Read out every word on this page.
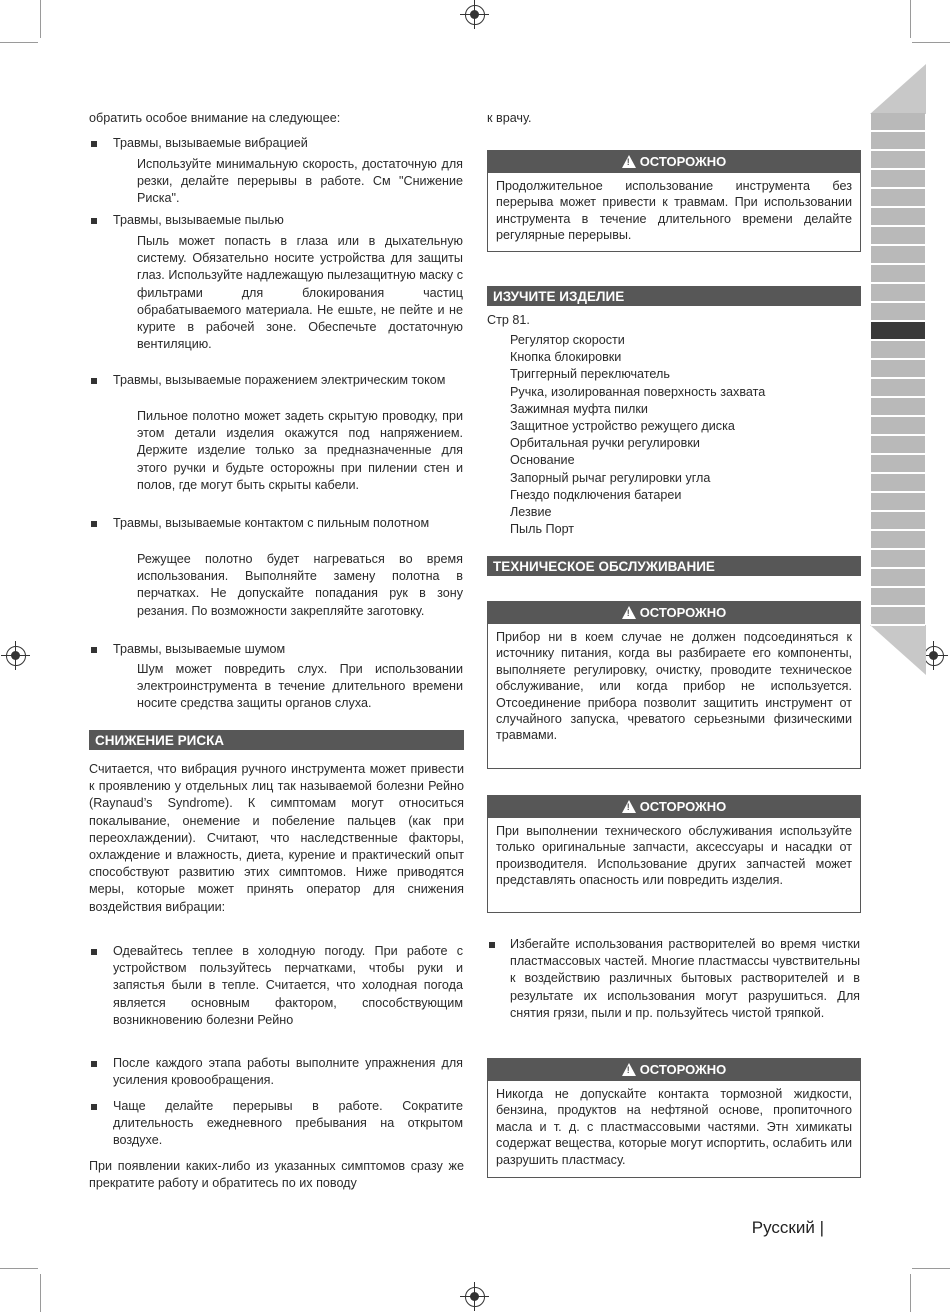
обратить особое внимание на следующее:
Травмы, вызываемые вибрацией
Используйте минимальную скорость, достаточную для резки, делайте перерывы в работе. См "Снижение Риска".
Травмы, вызываемые пылью
Пыль может попасть в глаза или в дыхательную систему. Обязательно носите устройства для защиты глаз. Используйте надлежащую пылезащитную маску с фильтрами для блокирования частиц обрабатываемого материала. Не ешьте, не пейте и не курите в рабочей зоне. Обеспечьте достаточную вентиляцию.
Травмы, вызываемые поражением электрическим током
Пильное полотно может задеть скрытую проводку, при этом детали изделия окажутся под напряжением. Держите изделие только за предназначенные для этого ручки и будьте осторожны при пилении стен и полов, где могут быть скрыты кабели.
Травмы, вызываемые контактом с пильным полотном
Режущее полотно будет нагреваться во время использования. Выполняйте замену полотна в перчатках. Не допускайте попадания рук в зону резания. По возможности закрепляйте заготовку.
Травмы, вызываемые шумом
Шум может повредить слух. При использовании электроинструмента в течение длительного времени носите средства защиты органов слуха.
СНИЖЕНИЕ РИСКА
Считается, что вибрация ручного инструмента может привести к проявлению у отдельных лиц так называемой болезни Рейно (Raynaud’s Syndrome). К симптомам могут относиться покалывание, онемение и побеление пальцев (как при переохлаждении). Считают, что наследственные факторы, охлаждение и влажность, диета, курение и практический опыт способствуют развитию этих симптомов. Ниже приводятся меры, которые может принять оператор для снижения воздействия вибрации:
Одевайтесь теплее в холодную погоду. При работе с устройством пользуйтесь перчатками, чтобы руки и запястья были в тепле. Считается, что холодная погода является основным фактором, способствующим возникновению болезни Рейно
После каждого этапа работы выполните упражнения для усиления кровообращения.
Чаще делайте перерывы в работе. Сократите длительность ежедневного пребывания на открытом воздухе.
При появлении каких-либо из указанных симптомов сразу же прекратите работу и обратитесь по их поводу
к врачу.
!ОСТОРОЖНО
Продолжительное использование инструмента без перерыва может привести к травмам. При использовании инструмента в течение длительного времени делайте регулярные перерывы.
ИЗУЧИТЕ ИЗДЕЛИЕ
Стр 81.
Регулятор скорости
Кнопка блокировки
Триггерный переключатель
Ручка, изолированная поверхность захвата
Зажимная муфта пилки
Защитное устройство режущего диска
Орбитальная ручки регулировки
Основание
Запорный рычаг регулировки угла
Гнездо подключения батареи
Лезвие
Пыль Порт
ТЕХНИЧЕСКОЕ ОБСЛУЖИВАНИЕ
!ОСТОРОЖНО
Прибор ни в коем случае не должен подсоединяться к источнику питания, когда вы разбираете его компоненты, выполняете регулировку, очистку, проводите техническое обслуживание, или когда прибор не используется. Отсоединение прибора позволит защитить инструмент от случайного запуска, чреватого серьезными физическими травмами.
!ОСТОРОЖНО
При выполнении технического обслуживания используйте только оригинальные запчасти, аксессуары и насадки от производителя. Использование других запчастей может представлять опасность или повредить изделия.
Избегайте использования растворителей во время чистки пластмассовых частей. Многие пластмассы чувствительны к воздействию различных бытовых растворителей и в результате их использования могут разрушиться. Для снятия грязи, пыли и пр. пользуйтесь чистой тряпкой.
!ОСТОРОЖНО
Никогда не допускайте контакта тормозной жидкости, бензина, продуктов на нефтяной основе, пропиточного масла и т. д. с пластмассовыми частями. Этн химикаты содержат вещества, которые могут испортить, ослабить или разрушить пластмасу.
Русский |
